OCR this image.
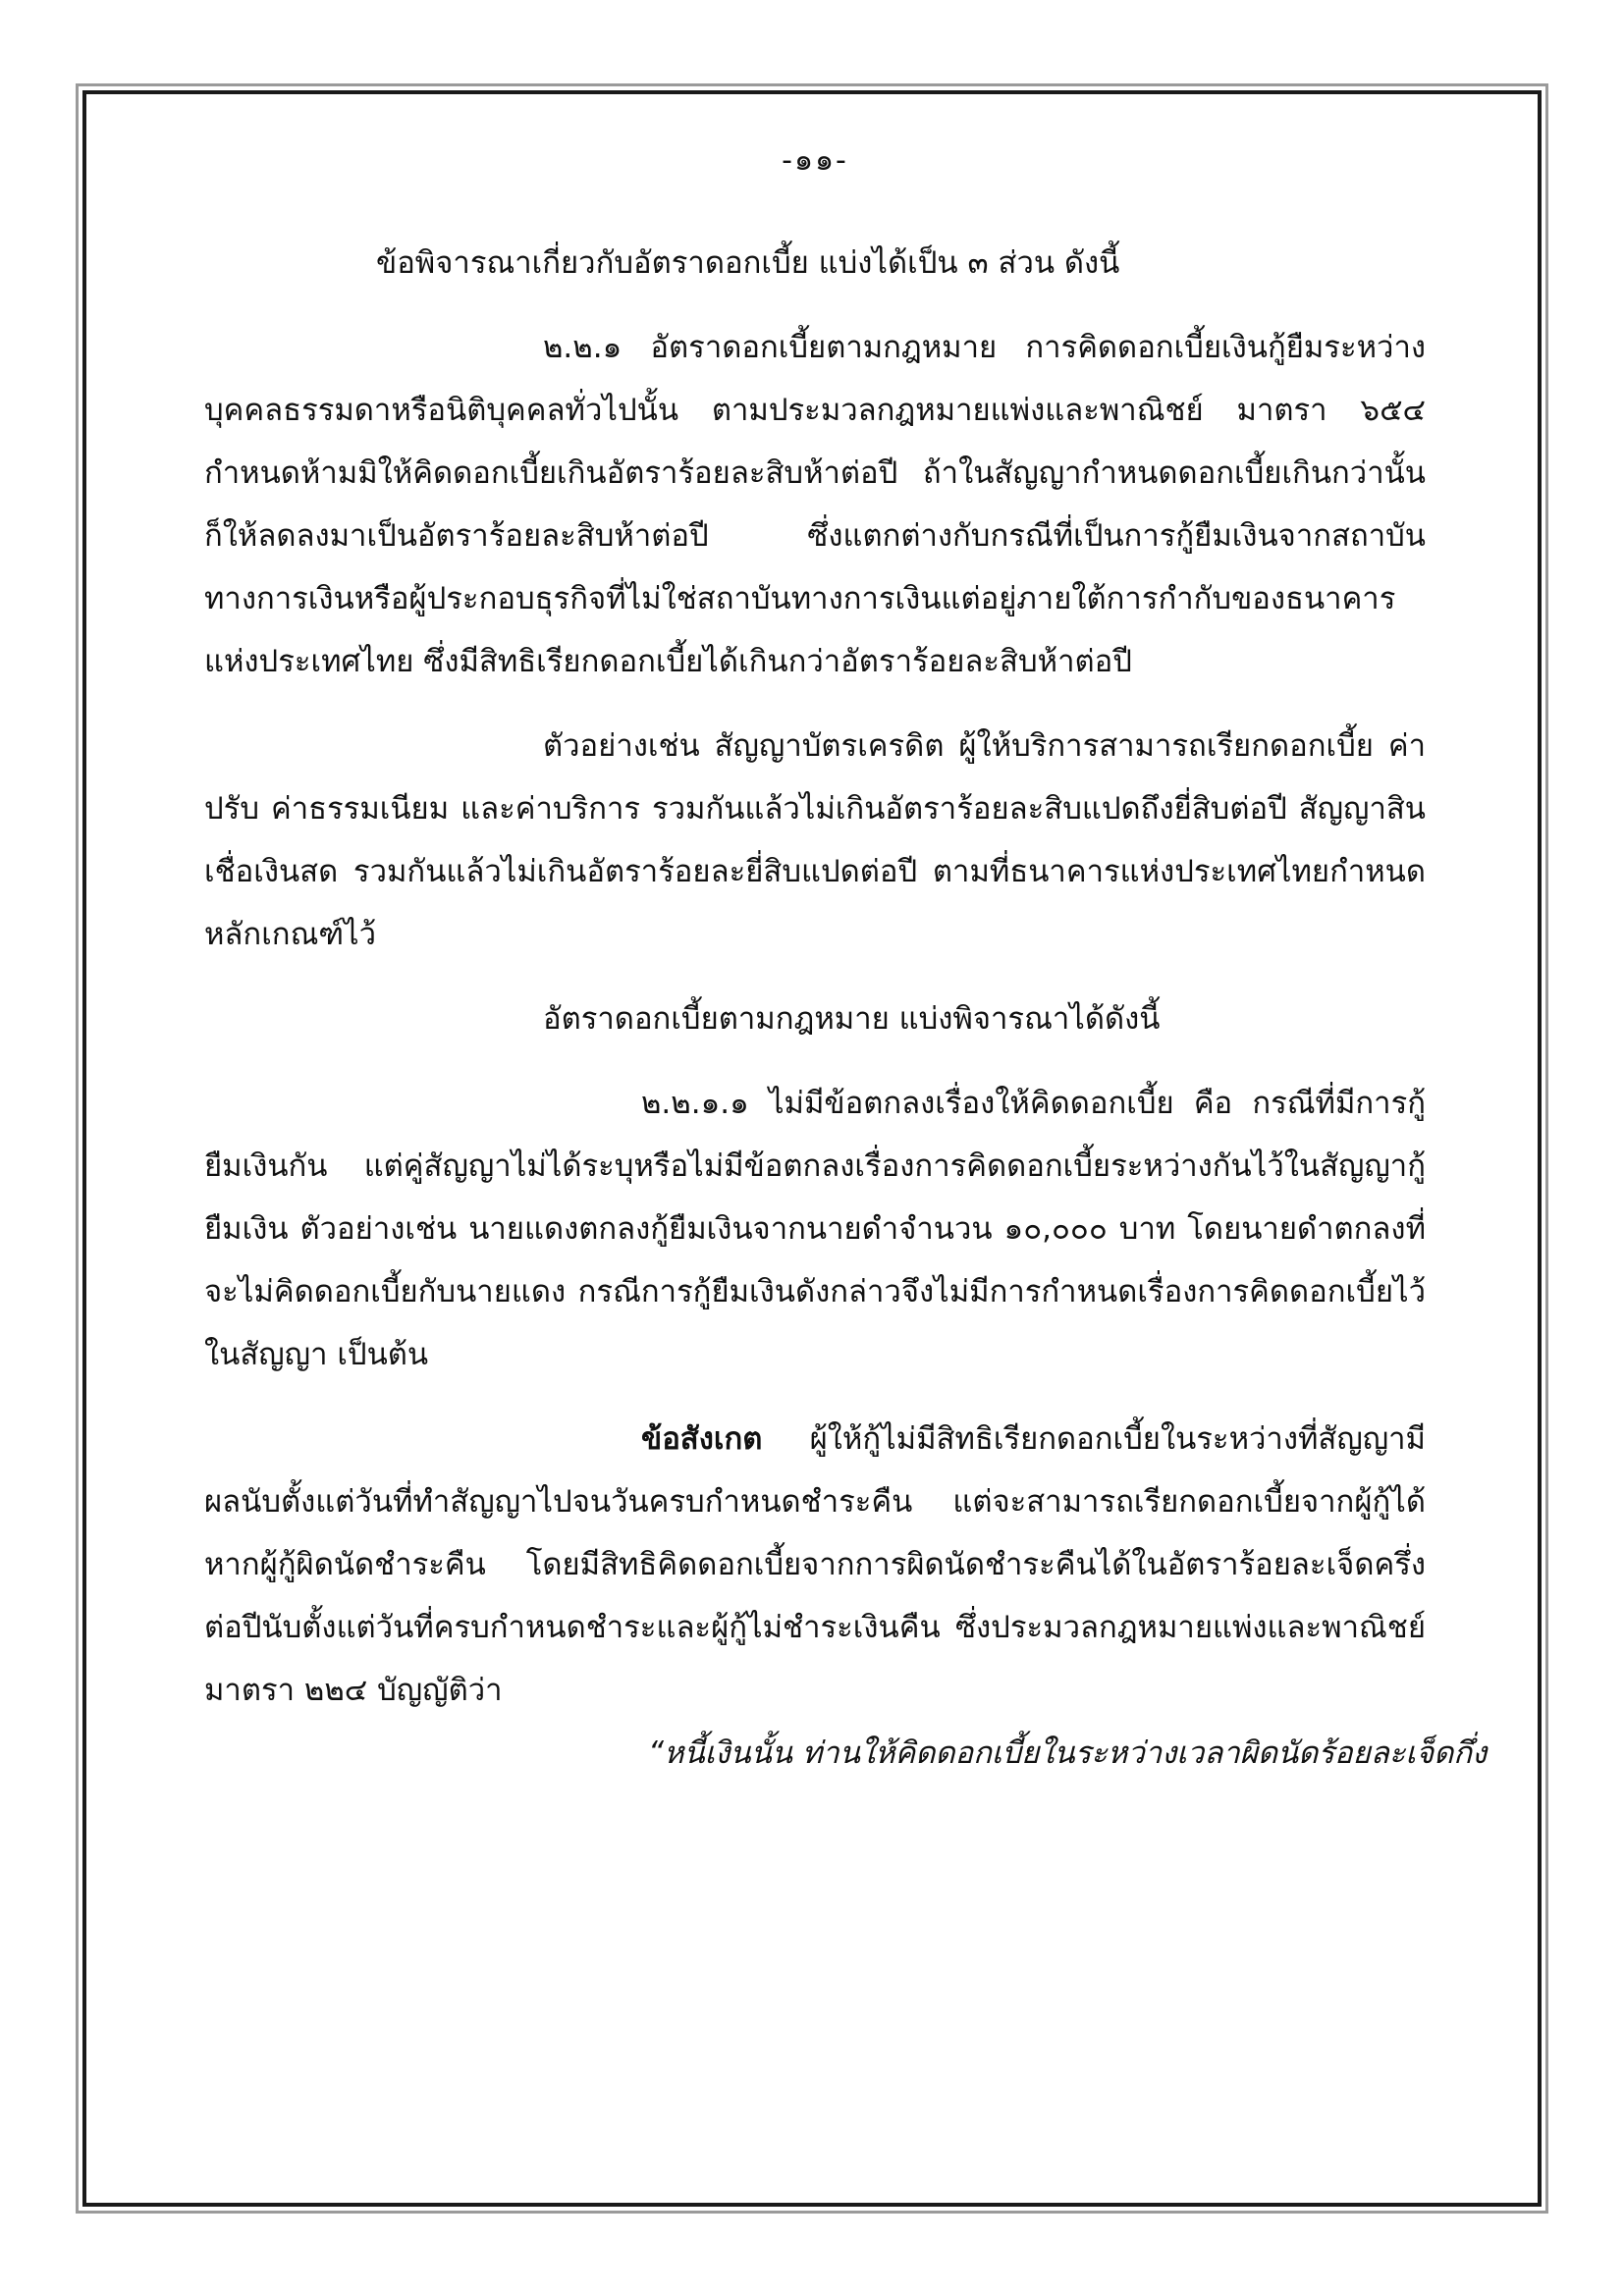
-๑๑-

ข้อพิจารณาเกี่ยวกับอัตราดอกเบี้ย แบ่งได้เป็น ๓ ส่วน ดังนี้

๒.๒.๑ อัตราดอกเบี้ยตามกฎหมาย การคิดดอกเบี้ยเงินกู้ยืมระหว่างบุคคลธรรมดาหรือนิติบุคคลทั่วไปนั้น ตามประมวลกฎหมายแพ่งและพาณิชย์ มาตรา ๖๕๔ กำหนดห้ามมิให้คิดดอกเบี้ยเกินอัตราร้อยละสิบห้าต่อปี ถ้าในสัญญากำหนดดอกเบี้ยเกินกว่านั้น ก็ให้ลดลงมาเป็นอัตราร้อยละสิบห้าต่อปี ซึ่งแตกต่างกับกรณีที่เป็นการกู้ยืมเงินจากสถาบันทางการเงินหรือผู้ประกอบธุรกิจที่ไม่ใช่สถาบันทางการเงินแต่อยู่ภายใต้การกำกับของธนาคารแห่งประเทศไทย ซึ่งมีสิทธิเรียกดอกเบี้ยได้เกินกว่าอัตราร้อยละสิบห้าต่อปี

ตัวอย่างเช่น สัญญาบัตรเครดิต ผู้ให้บริการสามารถเรียกดอกเบี้ย ค่าปรับ ค่าธรรมเนียม และค่าบริการ รวมกันแล้วไม่เกินอัตราร้อยละสิบแปดถึงยี่สิบต่อปี สัญญาสินเชื่อเงินสด รวมกันแล้วไม่เกินอัตราร้อยละยี่สิบแปดต่อปี ตามที่ธนาคารแห่งประเทศไทยกำหนดหลักเกณฑ์ไว้

อัตราดอกเบี้ยตามกฎหมาย แบ่งพิจารณาได้ดังนี้

๒.๒.๑.๑ ไม่มีข้อตกลงเรื่องให้คิดดอกเบี้ย คือ กรณีที่มีการกู้ยืมเงินกัน แต่คู่สัญญาไม่ได้ระบุหรือไม่มีข้อตกลงเรื่องการคิดดอกเบี้ยระหว่างกันไว้ในสัญญากู้ยืมเงิน ตัวอย่างเช่น นายแดงตกลงกู้ยืมเงินจากนายดำจำนวน ๑๐,๐๐๐ บาท โดยนายดำตกลงที่จะไม่คิดดอกเบี้ยกับนายแดง กรณีการกู้ยืมเงินดังกล่าวจึงไม่มีการกำหนดเรื่องการคิดดอกเบี้ยไว้ในสัญญา เป็นต้น

ข้อสังเกต ผู้ให้กู้ไม่มีสิทธิเรียกดอกเบี้ยในระหว่างที่สัญญามีผลนับตั้งแต่วันที่ทำสัญญาไปจนวันครบกำหนดชำระคืน แต่จะสามารถเรียกดอกเบี้ยจากผู้กู้ได้หากผู้กู้ผิดนัดชำระคืน โดยมีสิทธิคิดดอกเบี้ยจากการผิดนัดชำระคืนได้ในอัตราร้อยละเจ็ดครึ่งต่อปีนับตั้งแต่วันที่ครบกำหนดชำระและผู้กู้ไม่ชำระเงินคืน ซึ่งประมวลกฎหมายแพ่งและพาณิชย์ มาตรา ๒๒๔ บัญญัติว่า

“หนี้เงินนั้น ท่านให้คิดดอกเบี้ยในระหว่างเวลาผิดนัดร้อยละเจ็ดกึ่ง
